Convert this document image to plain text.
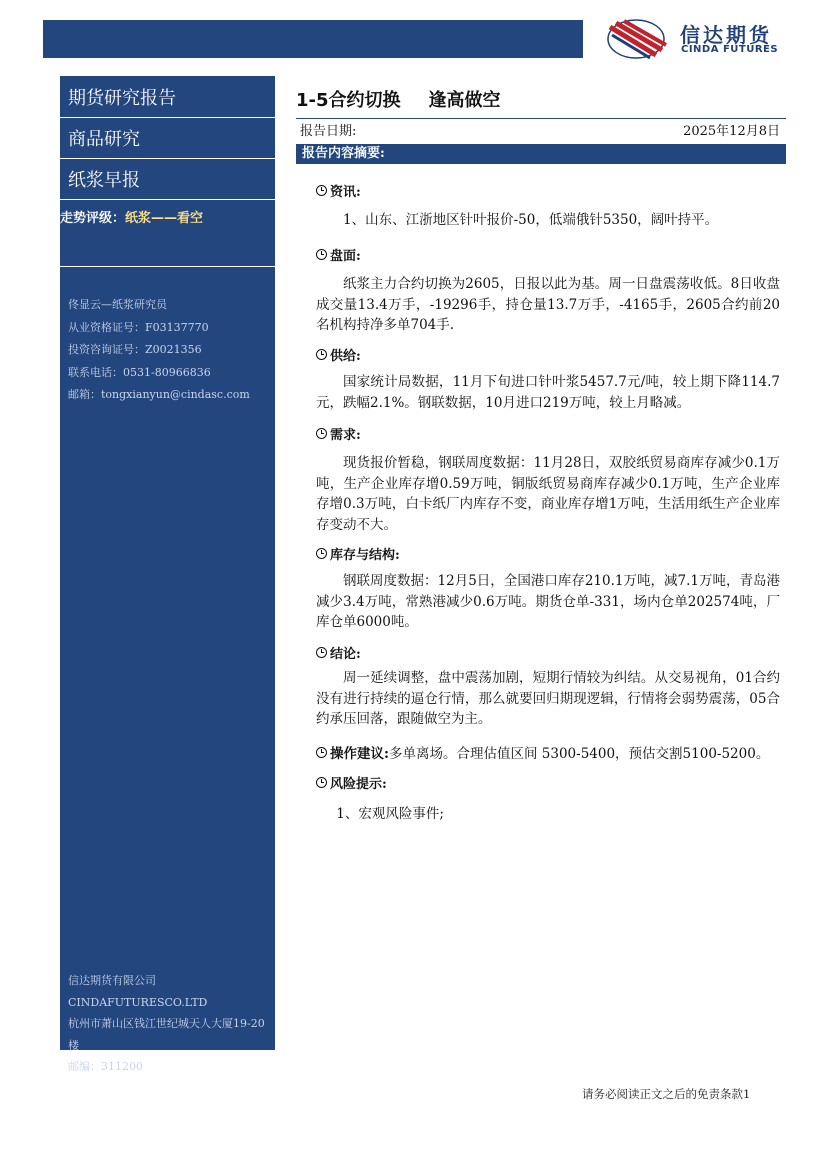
信达期货
CINDA FUTURES
期货研究报告
商品研究
纸浆早报
走势评级：纸浆——看空
佟显云—纸浆研究员
从业资格证号：F03137770
投资咨询证号：Z0021356
联系电话：0531-80966836
邮箱：tongxianyun@cindasc.com
信达期货有限公司
CINDAFUTURESCO.LTD
杭州市萧山区钱江世纪城天人大厦19-20楼
邮编：311200
1-5合约切换 逢高做空
报告日期:	2025年12月8日
报告内容摘要:
资讯:
1、山东、江浙地区针叶报价-50，低端俄针5350，阔叶持平。
盘面:
纸浆主力合约切换为2605，日报以此为基。周一日盘震荡收低。8日收盘成交量13.4万手，-19296手，持仓量13.7万手，-4165手，2605合约前20名机构持净多单704手.
供给:
国家统计局数据，11月下旬进口针叶浆5457.7元/吨，较上期下降114.7元，跌幅2.1%。钢联数据，10月进口219万吨，较上月略减。
需求:
现货报价暂稳，钢联周度数据：11月28日，双胶纸贸易商库存减少0.1万吨，生产企业库存增0.59万吨，铜版纸贸易商库存减少0.1万吨，生产企业库存增0.3万吨，白卡纸厂内库存不变，商业库存增1万吨，生活用纸生产企业库存变动不大。
库存与结构:
钢联周度数据：12月5日，全国港口库存210.1万吨，减7.1万吨，青岛港减少3.4万吨，常熟港减少0.6万吨。期货仓单-331，场内仓单202574吨，厂库仓单6000吨。
结论:
周一延续调整，盘中震荡加剧，短期行情较为纠结。从交易视角，01合约没有进行持续的逼仓行情，那么就要回归期现逻辑，行情将会弱势震荡，05合约承压回落，跟随做空为主。
操作建议: 多单离场。合理估值区间 5300-5400，预估交割5100-5200。
风险提示:
1、宏观风险事件;
请务必阅读正文之后的免责条款1
